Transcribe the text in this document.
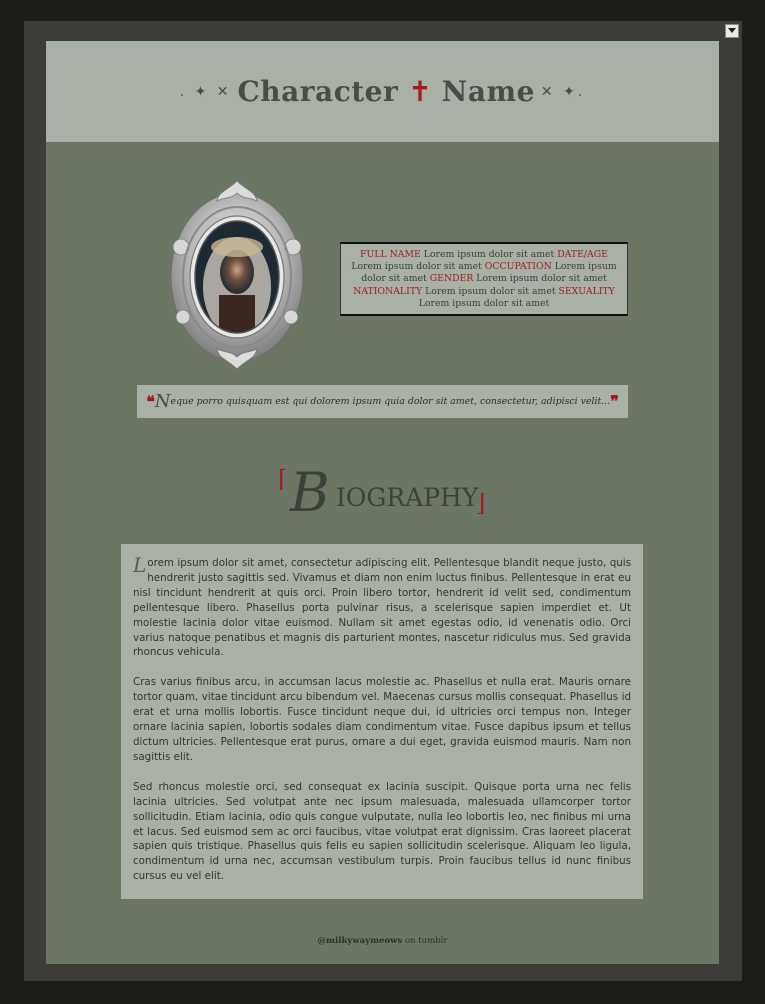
. ✦ ✕ Character ✝ Name ✕ ✦.
FULL NAME Lorem ipsum dolor sit amet DATE/AGE Lorem ipsum dolor sit amet OCCUPATION Lorem ipsum dolor sit amet GENDER Lorem ipsum dolor sit amet NATIONALITY Lorem ipsum dolor sit amet SEXUALITY Lorem ipsum dolor sit amet
❝ N eque porro quisquam est qui dolorem ipsum quia dolor sit amet, consectetur, adipisci velit... ❞
⌈ B IOGRAPHY
⌋

Lorem ipsum dolor sit amet, consectetur adipiscing elit. Pellentesque blandit neque justo, quis hendrerit justo sagittis sed. Vivamus et diam non enim luctus finibus. Pellentesque in erat eu nisl tincidunt hendrerit at quis orci. Proin libero tortor, hendrerit id velit sed, condimentum pellentesque libero. Phasellus porta pulvinar risus, a scelerisque sapien imperdiet et. Ut molestie lacinia dolor vitae euismod. Nullam sit amet egestas odio, id venenatis odio. Orci varius natoque penatibus et magnis dis parturient montes, nascetur ridiculus mus. Sed gravida rhoncus vehicula.

Cras varius finibus arcu, in accumsan lacus molestie ac. Phasellus et nulla erat. Mauris ornare tortor quam, vitae tincidunt arcu bibendum vel. Maecenas cursus mollis consequat. Phasellus id erat et urna mollis lobortis. Fusce tincidunt neque dui, id ultricies orci tempus non. Integer ornare lacinia sapien, lobortis sodales diam condimentum vitae. Fusce dapibus ipsum et tellus dictum ultricies. Pellentesque erat purus, ornare a dui eget, gravida euismod mauris. Nam non sagittis elit.

Sed rhoncus molestie orci, sed consequat ex lacinia suscipit. Quisque porta urna nec felis lacinia ultricies. Sed volutpat ante nec ipsum malesuada, malesuada ullamcorper tortor sollicitudin. Etiam lacinia, odio quis congue vulputate, nulla leo lobortis leo, nec finibus mi urna et lacus. Sed euismod sem ac orci faucibus, vitae volutpat erat dignissim. Cras laoreet placerat sapien quis tristique. Phasellus quis felis eu sapien sollicitudin scelerisque. Aliquam leo ligula, condimentum id urna nec, accumsan vestibulum turpis. Proin faucibus tellus id nunc finibus cursus eu vel elit.

@milkywaymeows on tumblr
